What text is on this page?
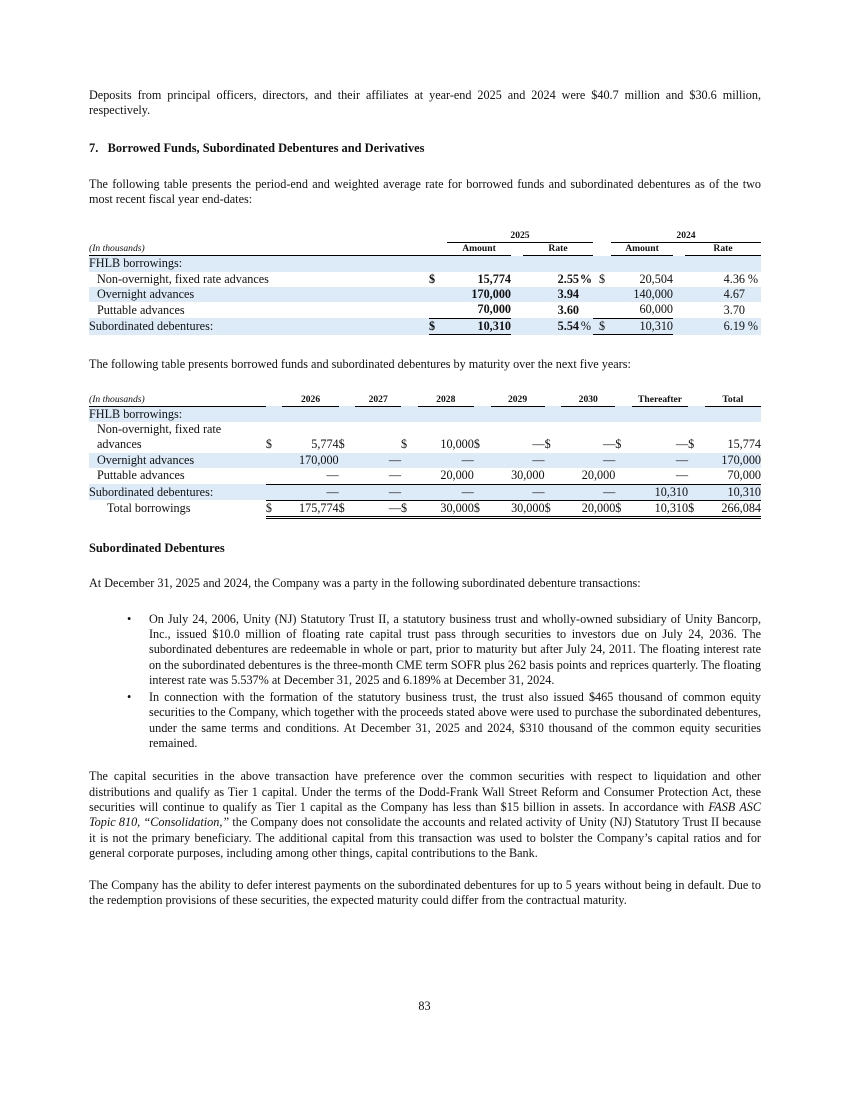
Deposits from principal officers, directors, and their affiliates at year-end 2025 and 2024 were $40.7 million and $30.6 million, respectively.

7.   Borrowed Funds, Subordinated Debentures and Derivatives

The following table presents the period-end and weighted average rate for borrowed funds and subordinated debentures as of the two most recent fiscal year end-dates:

		2025					2024			
(In thousands)		Amount		Rate			Amount		Rate	
FHLB borrowings:										
Non-overnight, fixed rate advances	$	15,774		2.55	%	$	20,504		4.36	%
Overnight advances		170,000		3.94			140,000		4.67	
Puttable advances		70,000		3.60			60,000		3.70	
Subordinated debentures:	$	10,310		5.54	%	$	10,310		6.19	%

The following table presents borrowed funds and subordinated debentures by maturity over the next five years:

(In thousands)		2026		2027		2028		2029		2030		Thereafter		Total
FHLB borrowings:														
Non-overnight, fixed rate														
advances	$	5,774	$		$	10,000	$	—	$	—	$	—	$	15,774
Overnight advances		170,000		—		—		—		—		—		170,000
Puttable advances		—		—		20,000		30,000		20,000		—		70,000
Subordinated debentures:		—		—		—		—		—		10,310		10,310
Total borrowings	$	175,774	$	—	$	30,000	$	30,000	$	20,000	$	10,310	$	266,084
Subordinated Debentures

At December 31, 2025 and 2024, the Company was a party in the following subordinated debenture transactions:

• On July 24, 2006, Unity (NJ) Statutory Trust II, a statutory business trust and wholly-owned subsidiary of Unity Bancorp, Inc., issued $10.0 million of floating rate capital trust pass through securities to investors due on July 24, 2036. The subordinated debentures are redeemable in whole or part, prior to maturity but after July 24, 2011. The floating interest rate on the subordinated debentures is the three-month CME term SOFR plus 262 basis points and reprices quarterly. The floating interest rate was 5.537% at December 31, 2025 and 6.189% at December 31, 2024.
• In connection with the formation of the statutory business trust, the trust also issued $465 thousand of common equity securities to the Company, which together with the proceeds stated above were used to purchase the subordinated debentures, under the same terms and conditions. At December 31, 2025 and 2024, $310 thousand of the common equity securities remained.

The capital securities in the above transaction have preference over the common securities with respect to liquidation and other distributions and qualify as Tier 1 capital. Under the terms of the Dodd-Frank Wall Street Reform and Consumer Protection Act, these securities will continue to qualify as Tier 1 capital as the Company has less than $15 billion in assets. In accordance with FASB ASC Topic 810, “Consolidation,” the Company does not consolidate the accounts and related activity of Unity (NJ) Statutory Trust II because it is not the primary beneficiary. The additional capital from this transaction was used to bolster the Company’s capital ratios and for general corporate purposes, including among other things, capital contributions to the Bank.

The Company has the ability to defer interest payments on the subordinated debentures for up to 5 years without being in default. Due to the redemption provisions of these securities, the expected maturity could differ from the contractual maturity.

83
